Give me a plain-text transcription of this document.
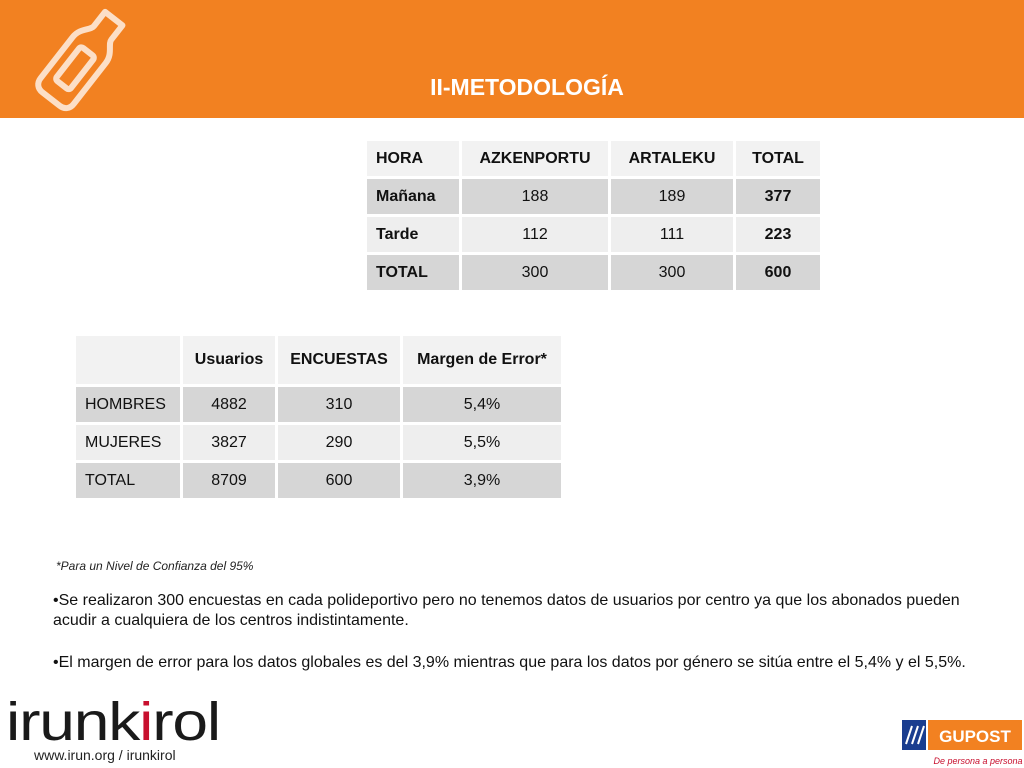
II-METODOLOGÍA
HORA	AZKENPORTU	ARTALEKU	TOTAL
Mañana	188	189	377
Tarde	112	111	223
TOTAL	300	300	600
	Usuarios	ENCUESTAS	Margen de Error*
HOMBRES	4882	310	5,4%
MUJERES	3827	290	5,5%
TOTAL	8709	600	3,9%
*Para un Nivel de Confianza del 95%

•Se realizaron 300 encuestas en cada polideportivo pero no tenemos datos de usuarios por centro ya que los abonados pueden acudir a cualquiera de los centros indistintamente.

•El margen de error para los datos globales es del 3,9% mientras que para los datos por género se sitúa entre el 5,4% y el 5,5%.

irunk irol
www.irun.org / irunkirol
GUPOST
De persona a persona
